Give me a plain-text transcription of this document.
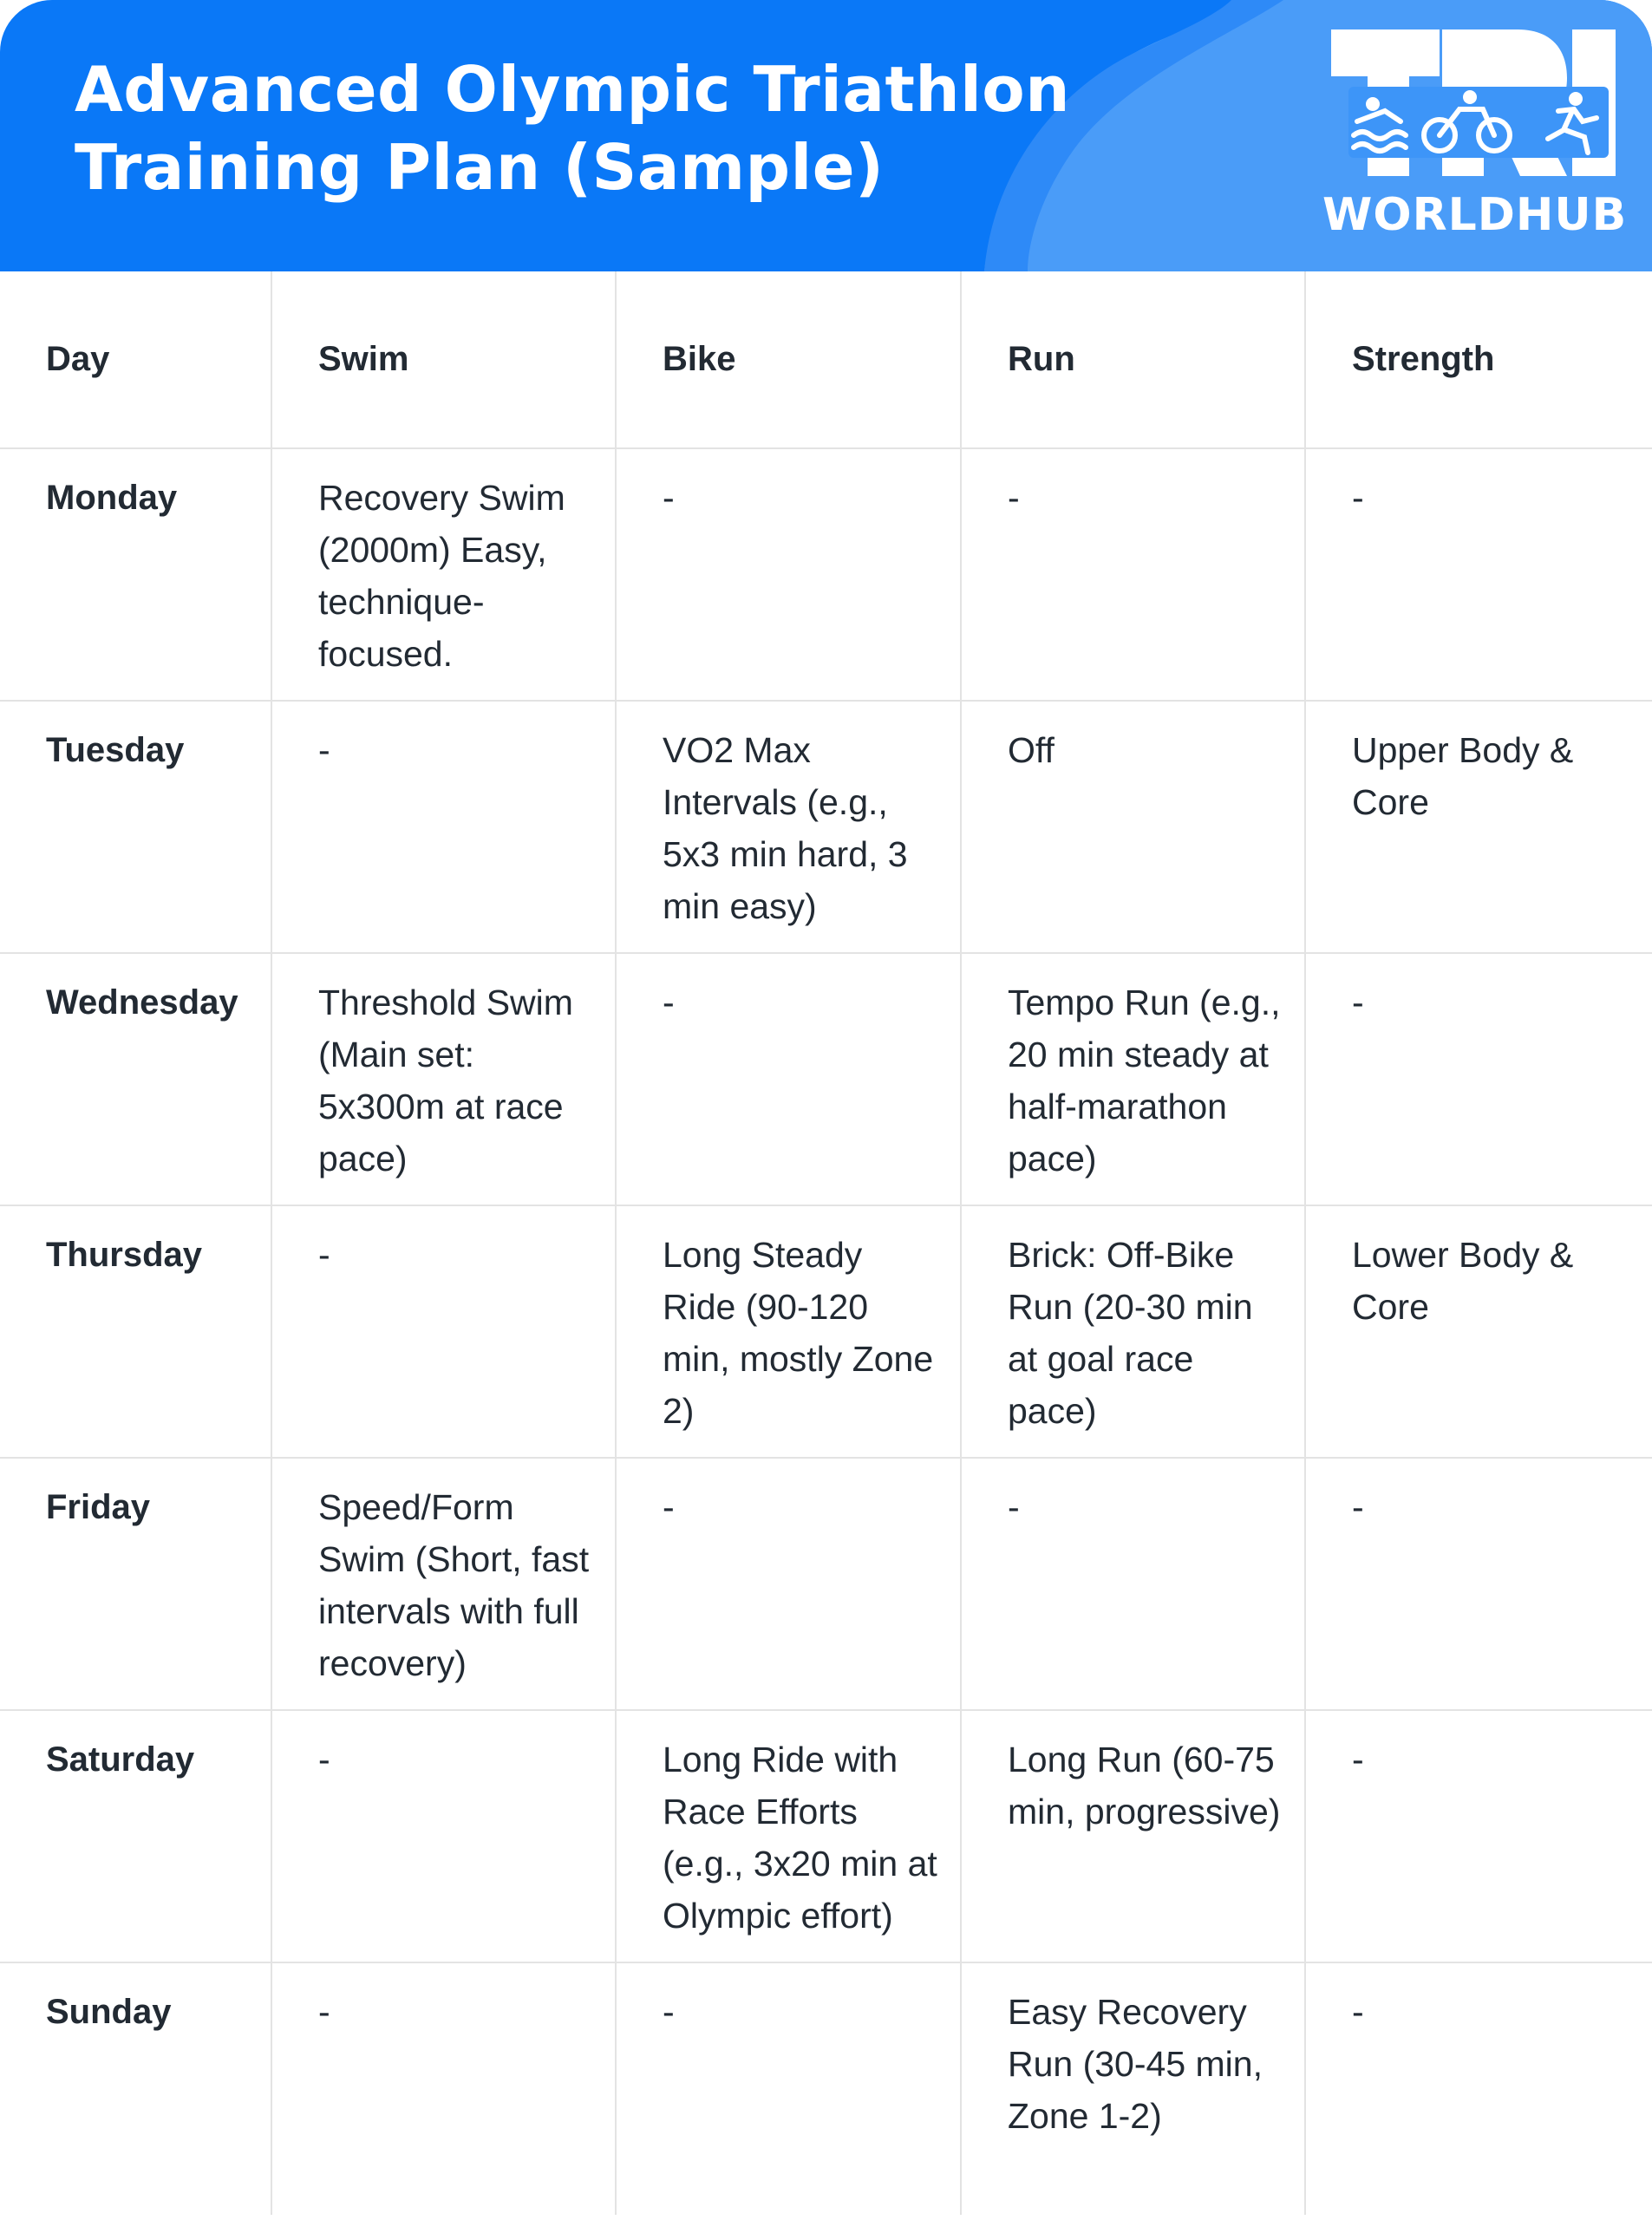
Advanced Olympic Triathlon Training Plan (Sample)
WORLDHUB
Day	Swim	Bike	Run	Strength

Monday	Recovery Swim (2000m) Easy, technique-focused.	-	-	-

Tuesday	-	VO2 Max Intervals (e.g., 5x3 min hard, 3 min easy)	Off	Upper Body & Core

Wednesday	Threshold Swim (Main set: 5x300m at race pace)	-	Tempo Run (e.g., 20 min steady at half-marathon pace)	-

Thursday	-	Long Steady Ride (90-120 min, mostly Zone 2)	Brick: Off-Bike Run (20-30 min at goal race pace)	Lower Body & Core

Friday	Speed/Form Swim (Short, fast intervals with full recovery)	-	-	-

Saturday	-	Long Ride with Race Efforts (e.g., 3x20 min at Olympic effort)	Long Run (60-75 min, progressive)	-

Sunday	-	-	Easy Recovery Run (30-45 min, Zone 1-2)	-
